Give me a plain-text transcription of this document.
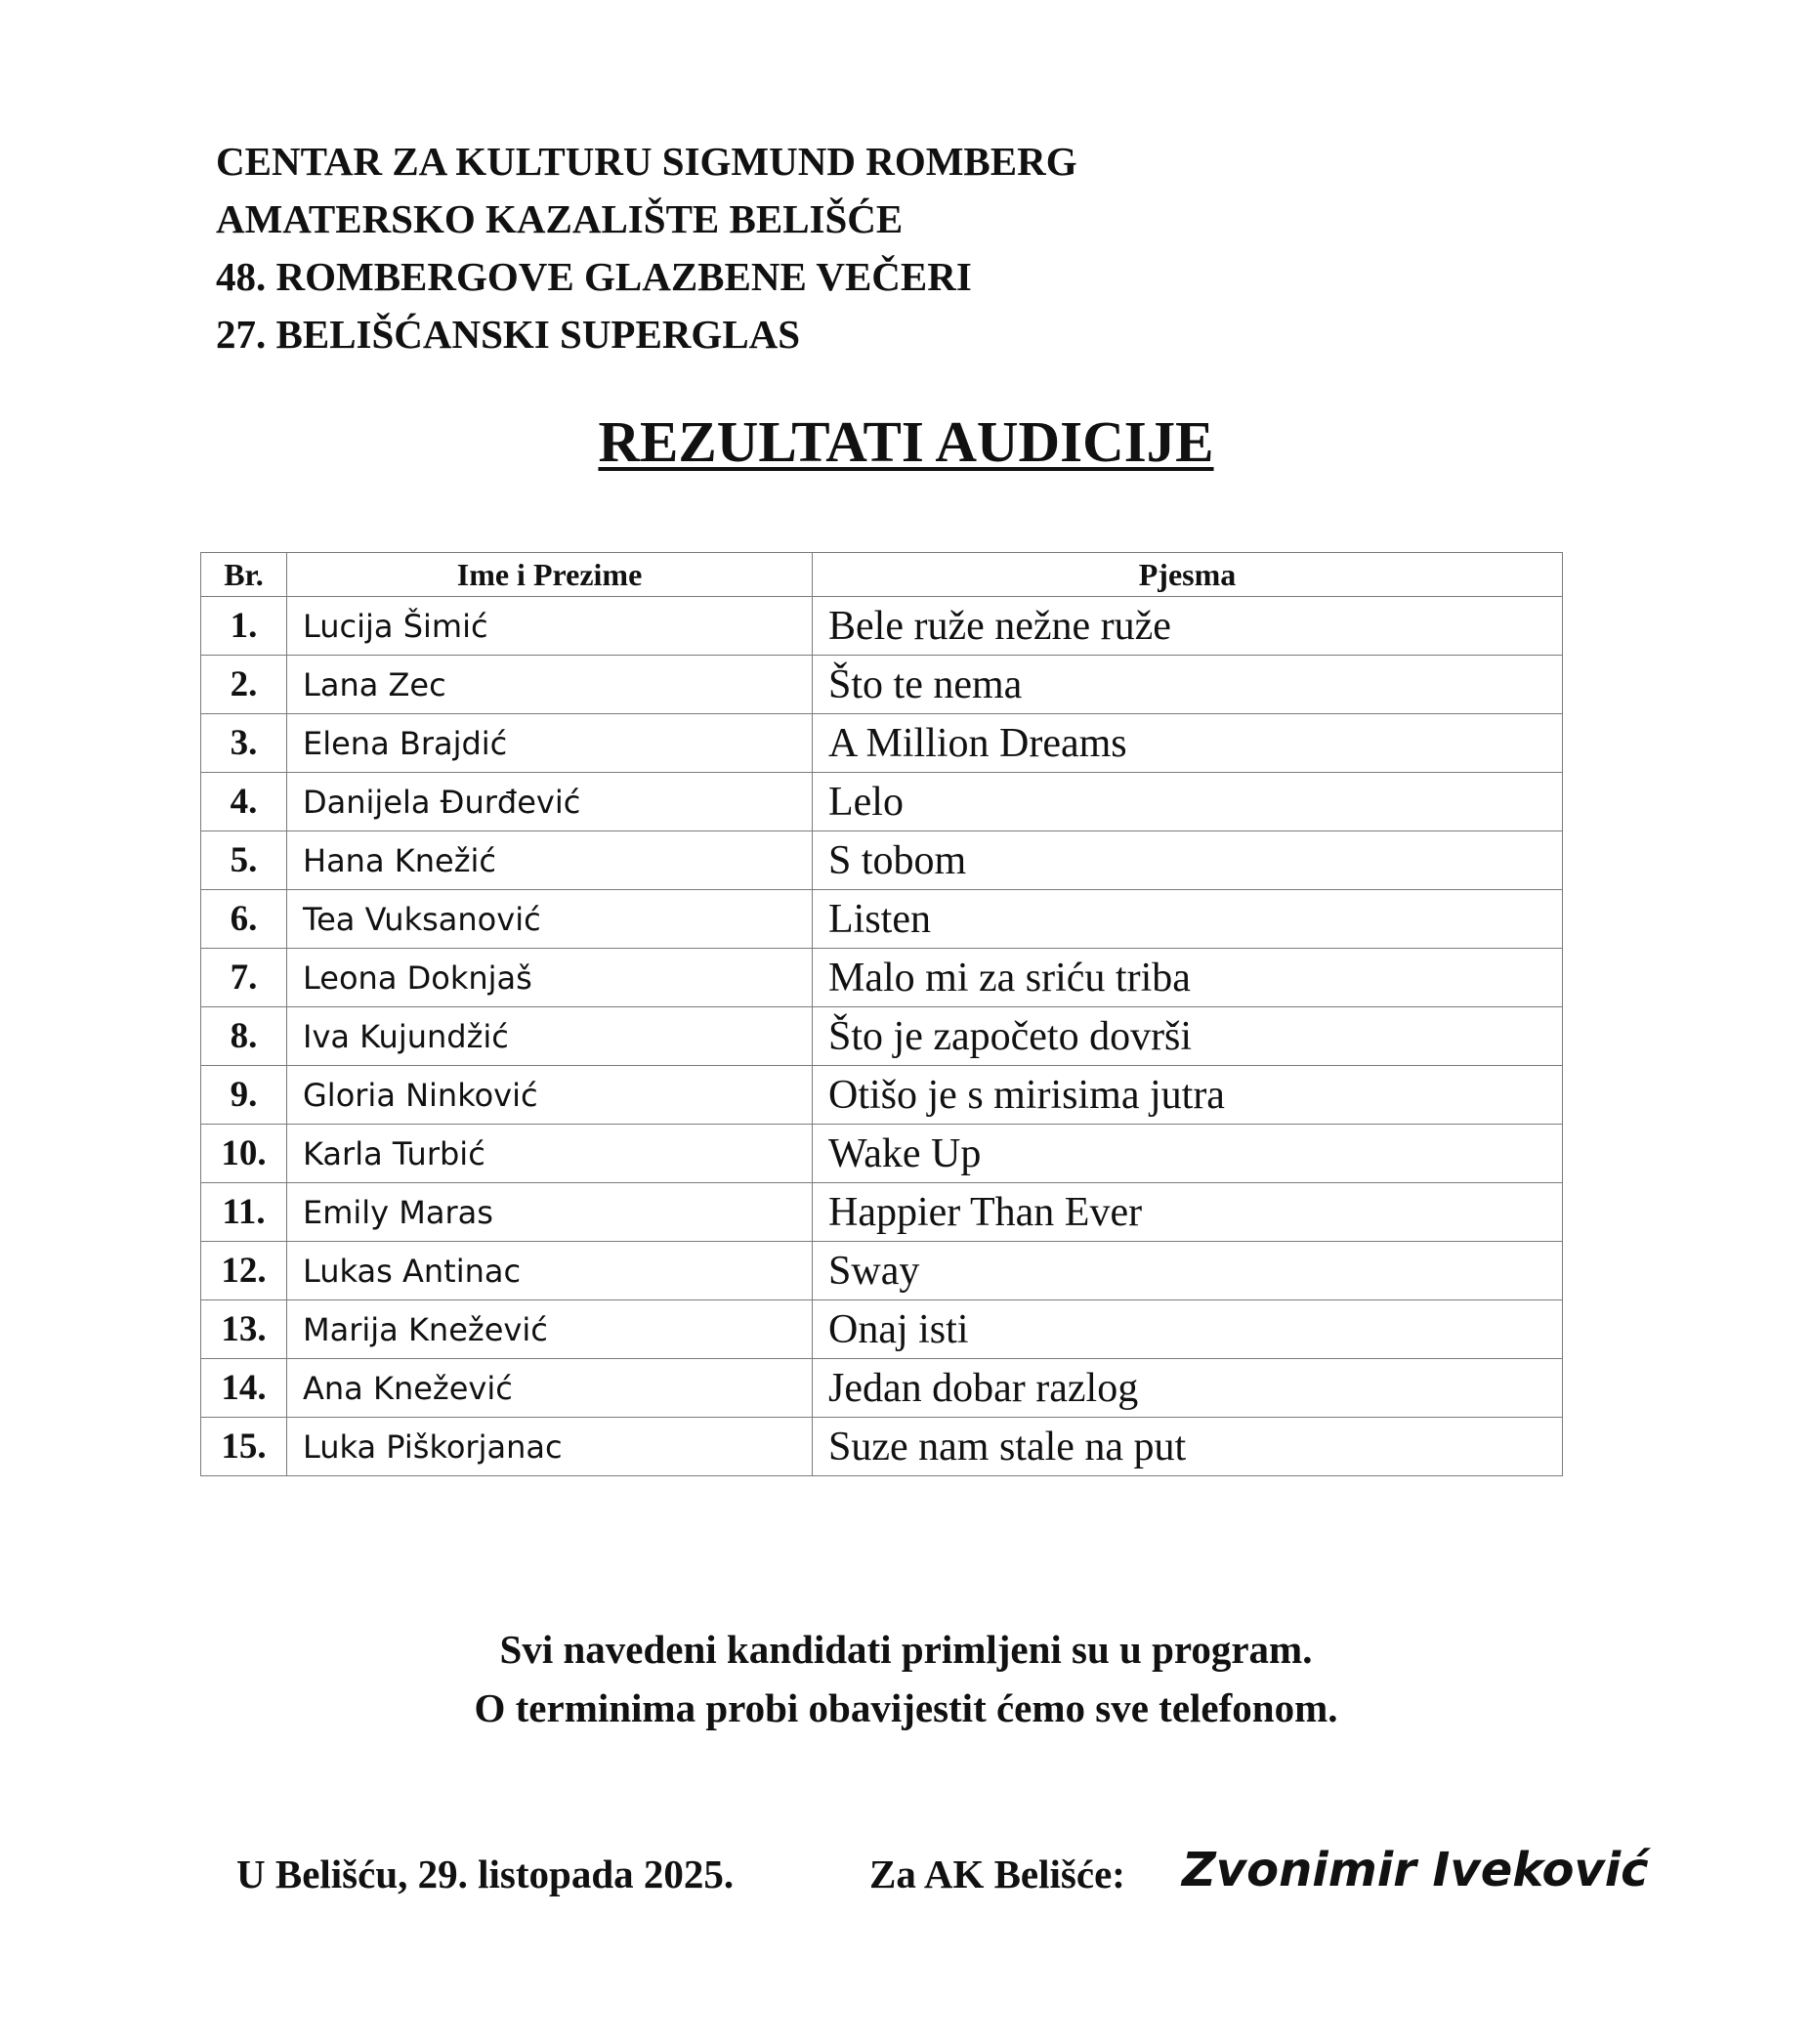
CENTAR ZA KULTURU SIGMUND ROMBERG
AMATERSKO KAZALIŠTE BELIŠĆE
48. ROMBERGOVE GLAZBENE VEČERI
27. BELIŠĆANSKI SUPERGLAS
REZULTATI AUDICIJE
Br.	Ime i Prezime	Pjesma
1.	Lucija Šimić	Bele ruže nežne ruže
2.	Lana Zec	Što te nema
3.	Elena Brajdić	A Million Dreams
4.	Danijela Đurđević	Lelo
5.	Hana Knežić	S tobom
6.	Tea Vuksanović	Listen
7.	Leona Doknjaš	Malo mi za sriću triba
8.	Iva Kujundžić	Što je započeto dovrši
9.	Gloria Ninković	Otišo je s mirisima jutra
10.	Karla Turbić	Wake Up
11.	Emily Maras	Happier Than Ever
12.	Lukas Antinac	Sway
13.	Marija Knežević	Onaj isti
14.	Ana Knežević	Jedan dobar razlog
15.	Luka Piškorjanac	Suze nam stale na put
Svi navedeni kandidati primljeni su u program.
O terminima probi obavijestit ćemo sve telefonom.
U Belišću, 29. listopada 2025.	Za AK Belišće: Zvonimir Iveković
